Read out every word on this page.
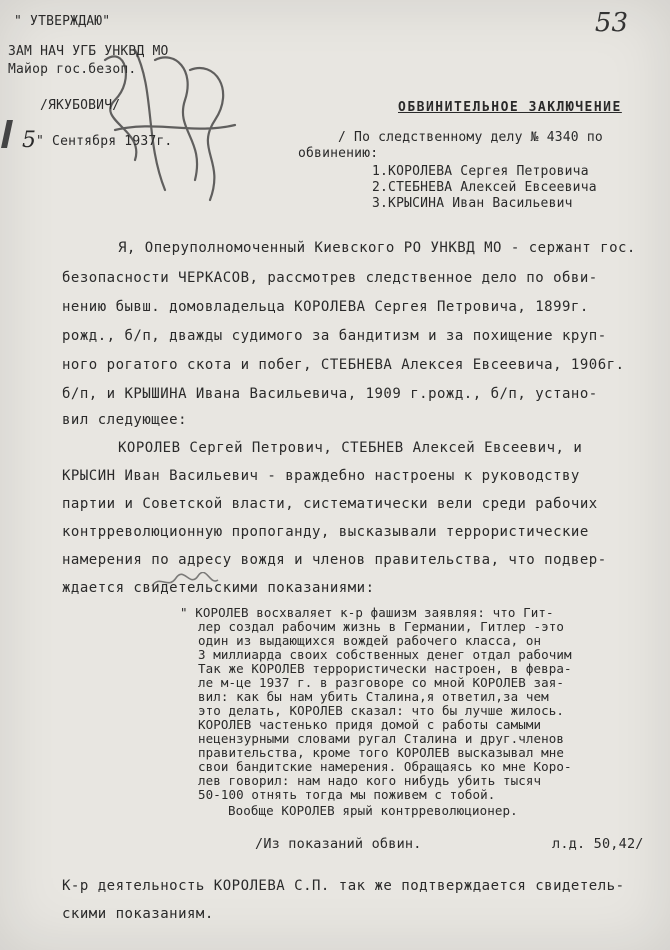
53
" УТВЕРЖДАЮ"
ЗАМ НАЧ УГБ УНКВД МО
Майор гос.безоп.
/ЯКУБОВИЧ/
5 " Сентября 1937г.
ОБВИНИТЕЛЬНОЕ ЗАКЛЮЧЕНИЕ
/ По следственному делу № 4340 по
обвинению:
1.КОРОЛЕВА Сергея Петровича
2.СТЕБНЕВА Алексей Евсеевича
3.КРЫСИНА Иван Васильевич
Я, Оперуполномоченный Киевского РО УНКВД МО - сержант гос.
безопасности ЧЕРКАСОВ, рассмотрев следственное дело по обви-
нению бывш. домовладельца КОРОЛЕВА Сергея Петровича, 1899г.
рожд., б/п, дважды судимого за бандитизм и за похищение круп-
ного рогатого скота и побег, СТЕБНЕВА Алексея Евсеевича, 1906г.
б/п, и КРЫШИНА Ивана Васильевича, 1909 г.рожд., б/п, устано-
вил следующее:
КОРОЛЕВ Сергей Петрович, СТЕБНЕВ Алексей Евсеевич, и
КРЫСИН Иван Васильевич - враждебно настроены к руководству
партии и Советской власти, систематически вели среди рабочих
контрреволюционную пропоганду, высказывали террористические
намерения по адресу вождя и членов правительства, что подвер-
ждается свидетельскими показаниями:
" КОРОЛЕВ восхваляет к-р фашизм заявляя: что Гит-
лер создал рабочим жизнь в Германии, Гитлер -это
один из выдающихся вождей рабочего класса, он
3 миллиарда своих собственных денег отдал рабочим
Так же КОРОЛЕВ террористически настроен, в февра-
ле м-це 1937 г. в разговоре со мной КОРОЛЕВ зая-
вил: как бы нам убить Сталина,я ответил,за чем
это делать, КОРОЛЕВ сказал: что бы лучше жилось.
КОРОЛЕВ частенько придя домой с работы самыми
нецензурными словами ругал Сталина и друг.членов
правительства, кроме того КОРОЛЕВ высказывал мне
свои бандитские намерения. Обращаясь ко мне Коро-
лев говорил: нам надо кого нибудь убить тысяч
50-100 отнять тогда мы поживем с тобой.
Вообще КОРОЛЕВ ярый контрреволюционер.
/Из показаний обвин.	л.д. 50,42/
К-р деятельность КОРОЛЕВА С.П. так же подтверждается свидетель-
скими показаниям.
